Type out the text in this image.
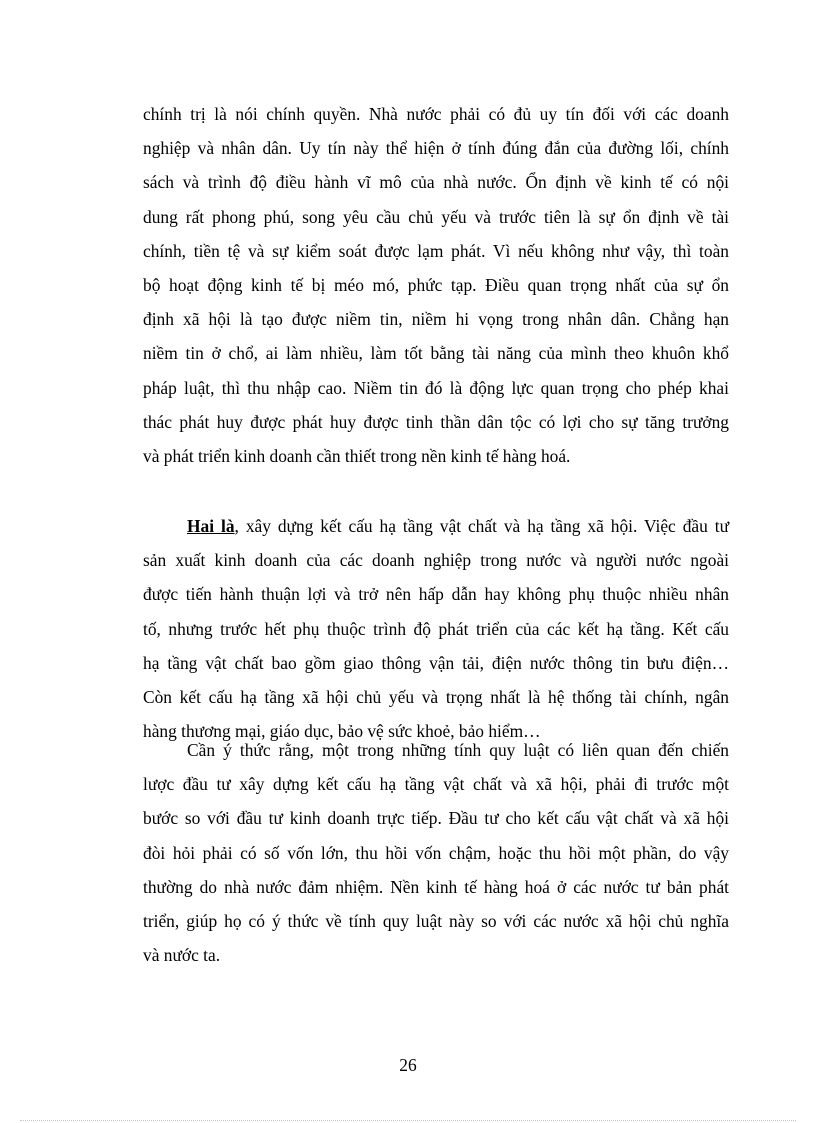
chính trị là nói chính quyền. Nhà nước phải có đủ uy tín đối với các doanh
nghiệp và nhân dân. Uy tín này thể hiện ở tính đúng đắn của đường lối, chính
sách và trình độ điều hành vĩ mô của nhà nước. Ổn định về kinh tế có nội
dung rất phong phú, song yêu cầu chủ yếu và trước tiên là sự ổn định về tài
chính, tiền tệ và sự kiểm soát được lạm phát. Vì nếu không như vậy, thì toàn
bộ hoạt động kinh tế bị méo mó, phức tạp. Điều quan trọng nhất của sự ổn
định xã hội là tạo được niềm tin, niềm hi vọng trong nhân dân. Chẳng hạn
niềm tin ở chổ, ai làm nhiều, làm tốt bằng tài năng của mình theo khuôn khổ
pháp luật, thì thu nhập cao. Niềm tin đó là động lực quan trọng cho phép khai
thác phát huy được phát huy được tinh thần dân tộc có lợi cho sự tăng trưởng
và phát triển kinh doanh cần thiết trong nền kinh tế hàng hoá.
Hai là, xây dựng kết cấu hạ tầng vật chất và hạ tầng xã hội. Việc đầu tư
sản xuất kinh doanh của các doanh nghiệp trong nước và người nước ngoài
được tiến hành thuận lợi và trở nên hấp dẫn hay không phụ thuộc nhiều nhân
tố, nhưng trước hết phụ thuộc trình độ phát triển của các kết hạ tầng. Kết cấu
hạ tầng vật chất bao gồm giao thông vận tải, điện nước thông tin bưu điện…
Còn kết cấu hạ tầng xã hội chủ yếu và trọng nhất là hệ thống tài chính, ngân
hàng thương mại, giáo dục, bảo vệ sức khoẻ, bảo hiểm…
Cần ý thức rằng, một trong những tính quy luật có liên quan đến chiến
lược đầu tư xây dựng kết cấu hạ tầng vật chất và xã hội, phải đi trước một
bước so với đầu tư kinh doanh trực tiếp. Đầu tư cho kết cấu vật chất và xã hội
đòi hỏi phải có số vốn lớn, thu hồi vốn chậm, hoặc thu hồi một phần, do vậy
thường do nhà nước đảm nhiệm. Nền kinh tế hàng hoá ở các nước tư bản phát
triển, giúp họ có ý thức về tính quy luật này so với các nước xã hội chủ nghĩa
và nước ta.
26
